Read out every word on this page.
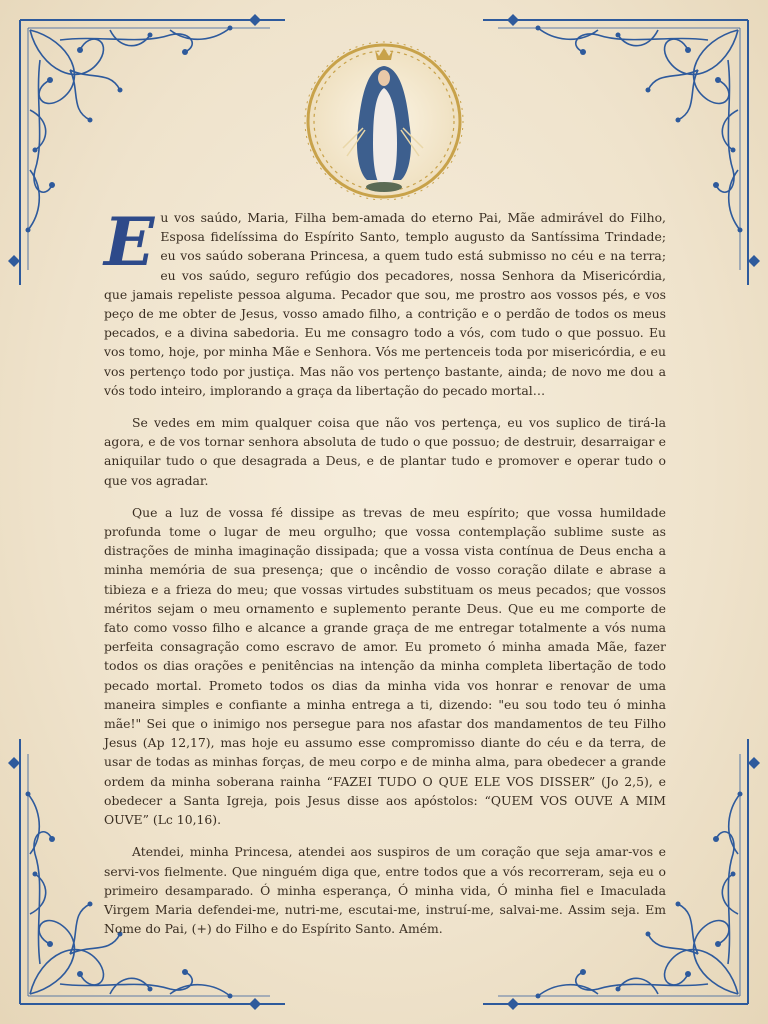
Eu vos saúdo, Maria, Filha bem-amada do eterno Pai, Mãe admirável do Filho, Esposa fidelíssima do Espírito Santo, templo augusto da Santíssima Trindade; eu vos saúdo soberana Princesa, a quem tudo está submisso no céu e na terra; eu vos saúdo, seguro refúgio dos pecadores, nossa Senhora da Misericórdia, que jamais repeliste pessoa alguma. Pecador que sou, me prostro aos vossos pés, e vos peço de me obter de Jesus, vosso amado filho, a contrição e o perdão de todos os meus pecados, e a divina sabedoria. Eu me consagro todo a vós, com tudo o que possuo. Eu vos tomo, hoje, por minha Mãe e Senhora. Vós me pertenceis toda por misericórdia, e eu vos pertenço todo por justiça. Mas não vos pertenço bastante, ainda; de novo me dou a vós todo inteiro, implorando a graça da libertação do pecado mortal…

Se vedes em mim qualquer coisa que não vos pertença, eu vos suplico de tirá-la agora, e de vos tornar senhora absoluta de tudo o que possuo; de destruir, desarraigar e aniquilar tudo o que desagrada a Deus, e de plantar tudo e promover e operar tudo o que vos agradar.

Que a luz de vossa fé dissipe as trevas de meu espírito; que vossa humildade profunda tome o lugar de meu orgulho; que vossa contemplação sublime suste as distrações de minha imaginação dissipada; que a vossa vista contínua de Deus encha a minha memória de sua presença; que o incêndio de vosso coração dilate e abrase a tibieza e a frieza do meu; que vossas virtudes substituam os meus pecados; que vossos méritos sejam o meu ornamento e suplemento perante Deus. Que eu me comporte de fato como vosso filho e alcance a grande graça de me entregar totalmente a vós numa perfeita consagração como escravo de amor. Eu prometo ó minha amada Mãe, fazer todos os dias orações e penitências na intenção da minha completa libertação de todo pecado mortal. Prometo todos os dias da minha vida vos honrar e renovar de uma maneira simples e confiante a minha entrega a ti, dizendo: "eu sou todo teu ó minha mãe!" Sei que o inimigo nos persegue para nos afastar dos mandamentos de teu Filho Jesus (Ap 12,17), mas hoje eu assumo esse compromisso diante do céu e da terra, de usar de todas as minhas forças, de meu corpo e de minha alma, para obedecer a grande ordem da minha soberana rainha “FAZEI TUDO O QUE ELE VOS DISSER” (Jo 2,5), e obedecer a Santa Igreja, pois Jesus disse aos apóstolos: “QUEM VOS OUVE A MIM OUVE” (Lc 10,16).

Atendei, minha Princesa, atendei aos suspiros de um coração que seja amar-vos e servi-vos fielmente. Que ninguém diga que, entre todos que a vós recorreram, seja eu o primeiro desamparado. Ó minha esperança, Ó minha vida, Ó minha fiel e Imaculada Virgem Maria defendei-me, nutri-me, escutai-me, instruí-me, salvai-me. Assim seja. Em Nome do Pai, (+) do Filho e do Espírito Santo. Amém.
